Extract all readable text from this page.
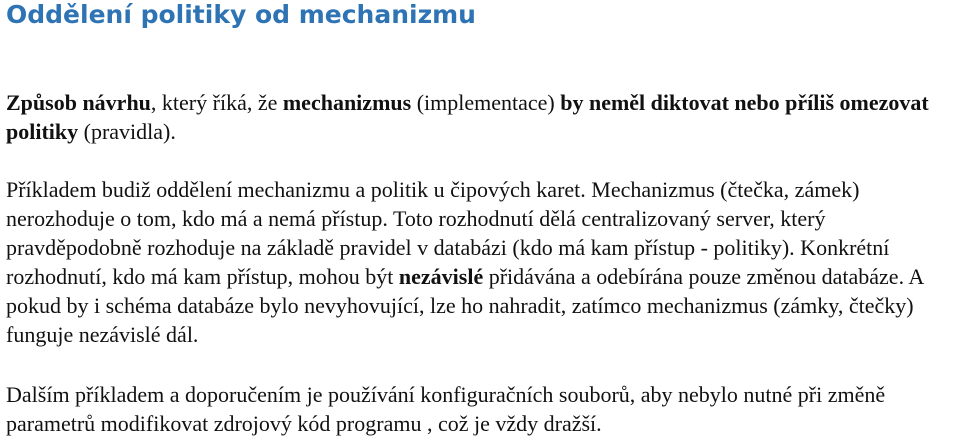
Oddělení politiky od mechanizmu

Způsob návrhu, který říká, že mechanizmus (implementace) by neměl diktovat nebo příliš omezovat politiky (pravidla).

Příkladem budiž oddělení mechanizmu a politik u čipových karet. Mechanizmus (čtečka, zámek) nerozhoduje o tom, kdo má a nemá přístup. Toto rozhodnutí dělá centralizovaný server, který pravděpodobně rozhoduje na základě pravidel v databázi (kdo má kam přístup - politiky). Konkrétní rozhodnutí, kdo má kam přístup, mohou být nezávislé přidávána a odebírána pouze změnou databáze. A pokud by i schéma databáze bylo nevyhovující, lze ho nahradit, zatímco mechanizmus (zámky, čtečky) funguje nezávislé dál.

Dalším příkladem a doporučením je používání konfiguračních souborů, aby nebylo nutné při změně parametrů modifikovat zdrojový kód programu , což je vždy dražší.
